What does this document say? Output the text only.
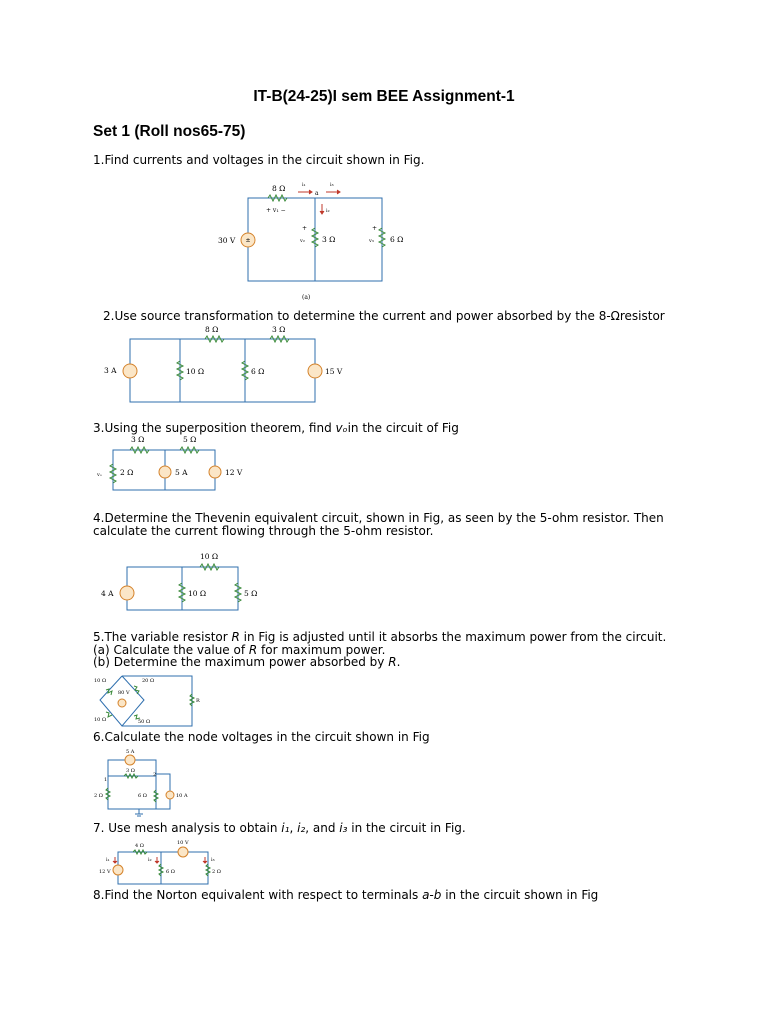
IT-B(24-25)I sem BEE Assignment-1
Set 1 (Roll nos65-75)
1.Find currents and voltages in the circuit shown in Fig.
±
8 Ω	i₁
a
i₃
+ v₁ −	i₂
30 V
+
v₂ 3 Ω
+
v₃ 6 Ω
(a)
2.Use source transformation to determine the current and power absorbed by the 8-Ωresistor
8 Ω	3 Ω
3 A	10 Ω	6 Ω	15 V
3.Using the superposition theorem, find vₒin the circuit of Fig
3 Ω	5 Ω
vₒ 2 Ω	5 A	12 V
4.Determine the Thevenin equivalent circuit, shown in Fig, as seen by the 5-ohm resistor. Then
calculate the current flowing through the 5-ohm resistor.
10 Ω
4 A	10 Ω	5 Ω
5.The variable resistor R in Fig is adjusted until it absorbs the maximum power from the circuit.
(a) Calculate the value of R for maximum power.
(b) Determine the maximum power absorbed by R.
10 Ω	20 Ω
80 V
10 Ω	50 Ω
R
6.Calculate the node voltages in the circuit shown in Fig
5 A
3 Ω
1
2
2 Ω	6 Ω	10 A
7. Use mesh analysis to obtain i₁, i₂, and i₃ in the circuit in Fig.
4 Ω	10 V
i₁	i₂	i₃
12 V	6 Ω	2 Ω
8.Find the Norton equivalent with respect to terminals a-b in the circuit shown in Fig
